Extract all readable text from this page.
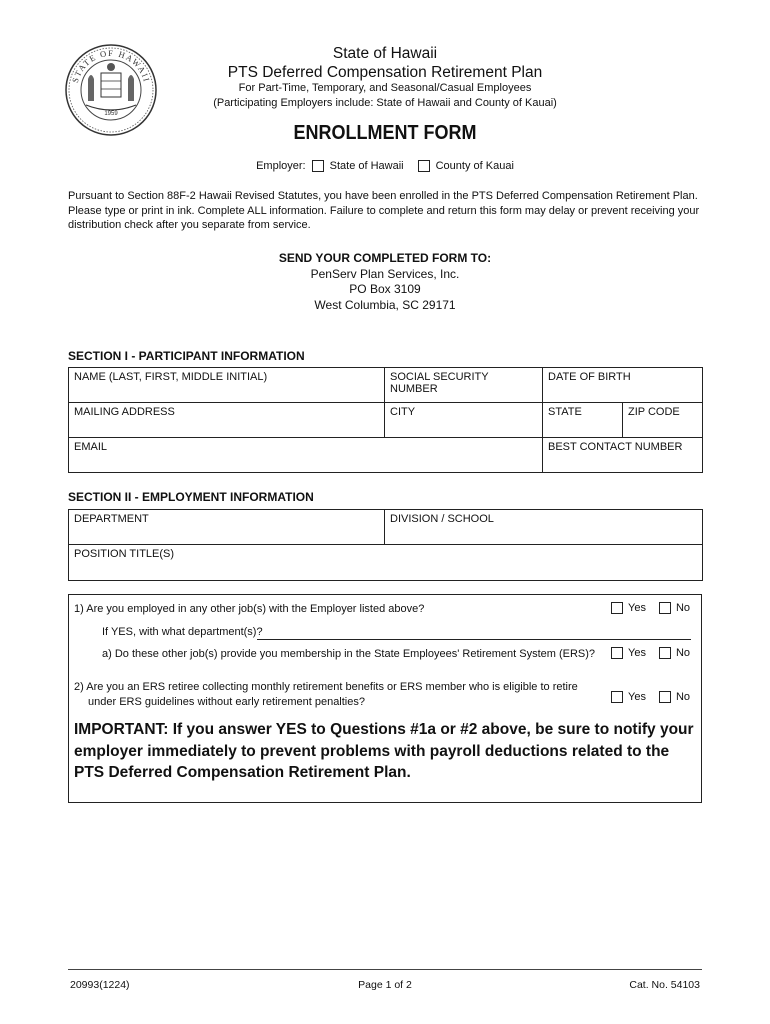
STATE OF HAWAII
1959
State of Hawaii
PTS Deferred Compensation Retirement Plan
For Part-Time, Temporary, and Seasonal/Casual Employees
(Participating Employers include: State of Hawaii and County of Kauai)
ENROLLMENT FORM
Employer: State of Hawaii	County of Kauai
Pursuant to Section 88F-2 Hawaii Revised Statutes, you have been enrolled in the PTS Deferred Compensation Retirement Plan. Please type or print in ink. Complete ALL information. Failure to complete and return this form may delay or prevent receiving your distribution check after you separate from service.
SEND YOUR COMPLETED FORM TO:
PenServ Plan Services, Inc.
PO Box 3109
West Columbia, SC 29171
SECTION I - PARTICIPANT INFORMATION
NAME (LAST, FIRST, MIDDLE INITIAL)	SOCIAL SECURITY NUMBER	DATE OF BIRTH	
MAILING ADDRESS	CITY	STATE	ZIP CODE
EMAIL		BEST CONTACT NUMBER	
SECTION II - EMPLOYMENT INFORMATION
DEPARTMENT	DIVISION / SCHOOL
POSITION TITLE(S)
1) Are you employed in any other job(s) with the Employer listed above?	Yes	No
If YES, with what department(s)?
a) Do these other job(s) provide you membership in the State Employees' Retirement System (ERS)?	Yes	No
2) Are you an ERS retiree collecting monthly retirement benefits or ERS member who is eligible to retire
under ERS guidelines without early retirement penalties?	Yes	No
IMPORTANT: If you answer YES to Questions #1a or #2 above, be sure to notify your employer immediately to prevent problems with payroll deductions related to the PTS Deferred Compensation Retirement Plan.
20993(1224)	Page 1 of 2	Cat. No. 54103
